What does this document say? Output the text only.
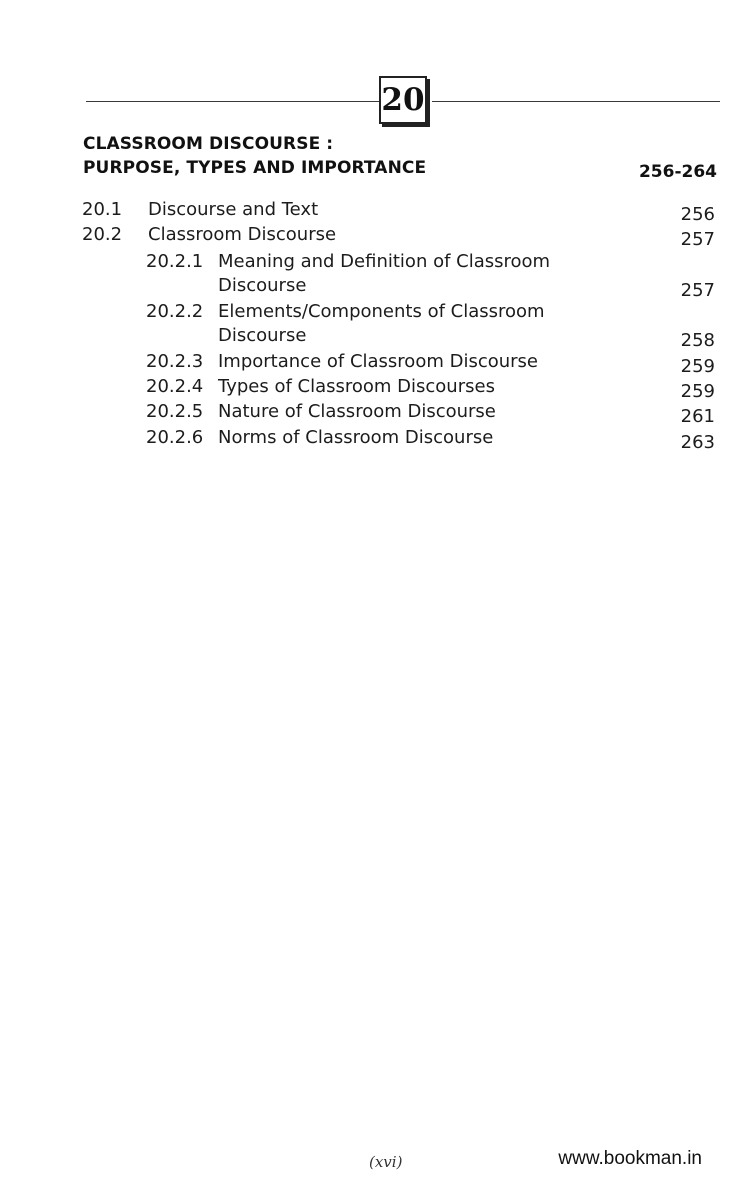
20
CLASSROOM DISCOURSE :
PURPOSE, TYPES AND IMPORTANCE	256-264
20.1 Discourse and Text	256
20.2 Classroom Discourse	257
20.2.1 Meaning and Definition of Classroom
Discourse	257
20.2.2 Elements/Components of Classroom
Discourse	258
20.2.3 Importance of Classroom Discourse	259
20.2.4 Types of Classroom Discourses	259
20.2.5 Nature of Classroom Discourse	261
20.2.6 Norms of Classroom Discourse	263
(xvi)	www.bookman.in
